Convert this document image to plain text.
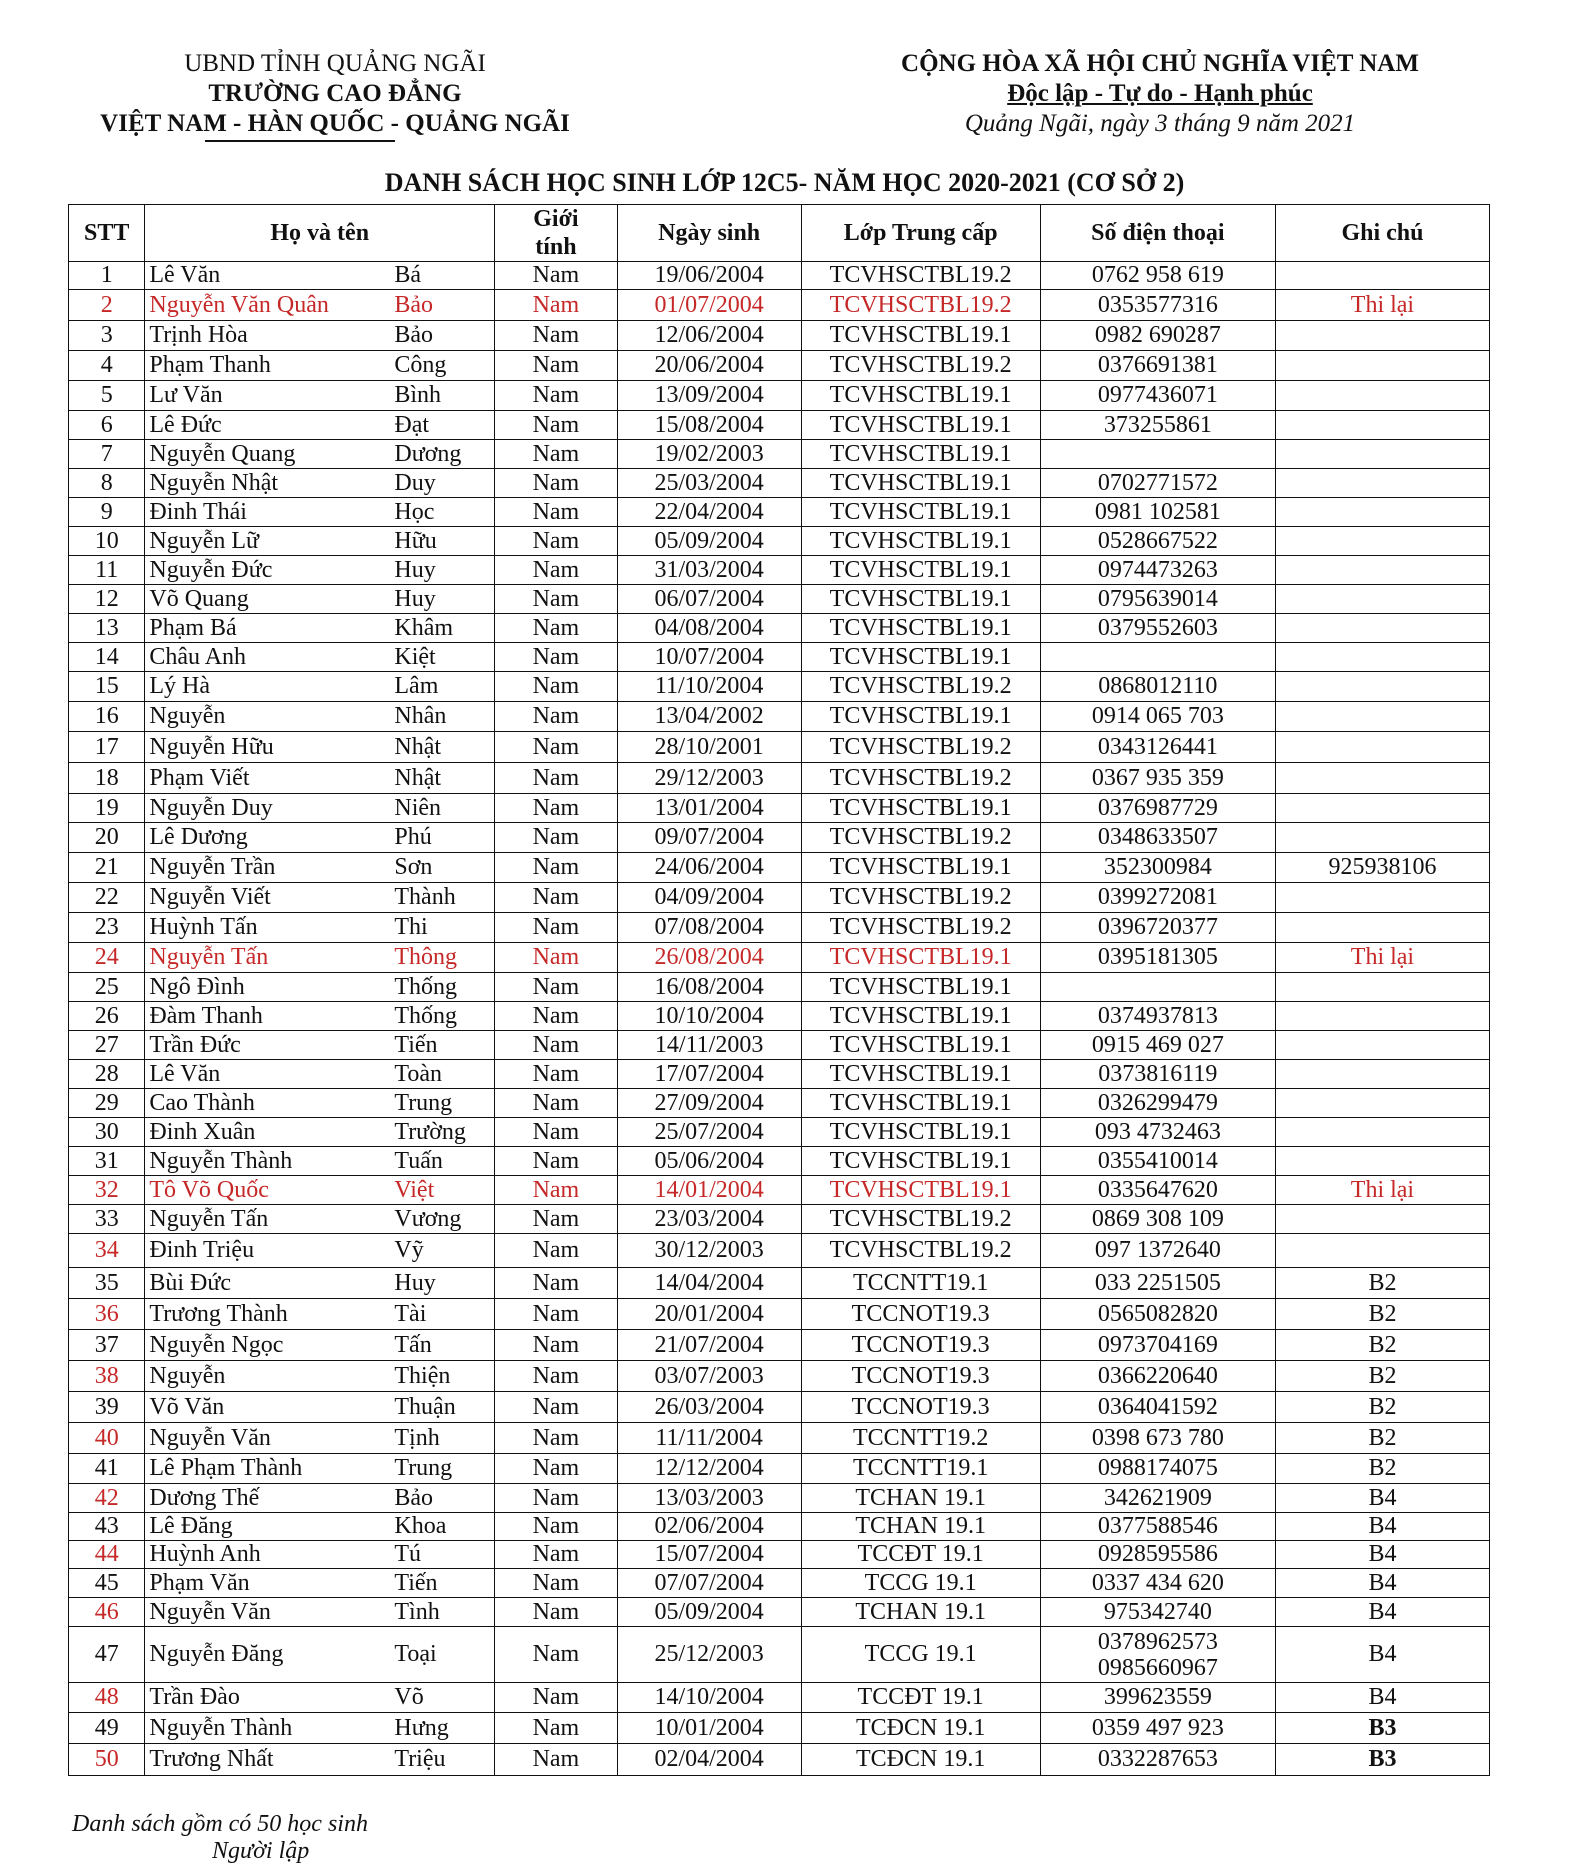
UBND TỈNH QUẢNG NGÃI
TRƯỜNG CAO ĐẲNG
VIỆT NAM - HÀN QUỐC - QUẢNG NGÃI
CỘNG HÒA XÃ HỘI CHỦ NGHĨA VIỆT NAM
Độc lập - Tự do - Hạnh phúc
Quảng Ngãi, ngày 3 tháng 9 năm 2021
DANH SÁCH HỌC SINH LỚP 12C5- NĂM HỌC 2020-2021 (CƠ SỞ 2)
STT	Họ và tên	Giới tính	Ngày sinh	Lớp Trung cấp	Số điện thoại	Ghi chú
1	Lê Văn Bá	Nam	19/06/2004	TCVHSCTBL19.2	0762 958 619	
2	Nguyễn Văn Quân Bảo	Nam	01/07/2004	TCVHSCTBL19.2	0353577316	Thi lại
3	Trịnh Hòa Bảo	Nam	12/06/2004	TCVHSCTBL19.1	0982 690287	
4	Phạm Thanh Công	Nam	20/06/2004	TCVHSCTBL19.2	0376691381	
5	Lư Văn Bình	Nam	13/09/2004	TCVHSCTBL19.1	0977436071	
6	Lê Đức Đạt	Nam	15/08/2004	TCVHSCTBL19.1	373255861	
7	Nguyễn Quang Dương	Nam	19/02/2003	TCVHSCTBL19.1		
8	Nguyễn Nhật Duy	Nam	25/03/2004	TCVHSCTBL19.1	0702771572	
9	Đinh Thái Học	Nam	22/04/2004	TCVHSCTBL19.1	0981 102581	
10	Nguyễn Lữ Hữu	Nam	05/09/2004	TCVHSCTBL19.1	0528667522	
11	Nguyễn Đức Huy	Nam	31/03/2004	TCVHSCTBL19.1	0974473263	
12	Võ Quang Huy	Nam	06/07/2004	TCVHSCTBL19.1	0795639014	
13	Phạm Bá Khâm	Nam	04/08/2004	TCVHSCTBL19.1	0379552603	
14	Châu Anh Kiệt	Nam	10/07/2004	TCVHSCTBL19.1		
15	Lý Hà Lâm	Nam	11/10/2004	TCVHSCTBL19.2	0868012110	
16	Nguyễn Nhân	Nam	13/04/2002	TCVHSCTBL19.1	0914 065 703	
17	Nguyễn Hữu Nhật	Nam	28/10/2001	TCVHSCTBL19.2	0343126441	
18	Phạm Viết Nhật	Nam	29/12/2003	TCVHSCTBL19.2	0367 935 359	
19	Nguyễn Duy Niên	Nam	13/01/2004	TCVHSCTBL19.1	0376987729	
20	Lê Dương Phú	Nam	09/07/2004	TCVHSCTBL19.2	0348633507	
21	Nguyễn Trần Sơn	Nam	24/06/2004	TCVHSCTBL19.1	352300984	925938106
22	Nguyễn Viết Thành	Nam	04/09/2004	TCVHSCTBL19.2	0399272081	
23	Huỳnh Tấn Thi	Nam	07/08/2004	TCVHSCTBL19.2	0396720377	
24	Nguyễn Tấn Thông	Nam	26/08/2004	TCVHSCTBL19.1	0395181305	Thi lại
25	Ngô Đình Thống	Nam	16/08/2004	TCVHSCTBL19.1		
26	Đàm Thanh Thống	Nam	10/10/2004	TCVHSCTBL19.1	0374937813	
27	Trần Đức Tiến	Nam	14/11/2003	TCVHSCTBL19.1	0915 469 027	
28	Lê Văn Toàn	Nam	17/07/2004	TCVHSCTBL19.1	0373816119	
29	Cao Thành Trung	Nam	27/09/2004	TCVHSCTBL19.1	0326299479	
30	Đinh Xuân Trường	Nam	25/07/2004	TCVHSCTBL19.1	093 4732463	
31	Nguyễn Thành Tuấn	Nam	05/06/2004	TCVHSCTBL19.1	0355410014	
32	Tô Võ Quốc Việt	Nam	14/01/2004	TCVHSCTBL19.1	0335647620	Thi lại
33	Nguyễn Tấn Vương	Nam	23/03/2004	TCVHSCTBL19.2	0869 308 109	
34	Đinh Triệu Vỹ	Nam	30/12/2003	TCVHSCTBL19.2	097 1372640	
35	Bùi Đức Huy	Nam	14/04/2004	TCCNTT19.1	033 2251505	B2
36	Trương Thành Tài	Nam	20/01/2004	TCCNOT19.3	0565082820	B2
37	Nguyễn Ngọc Tấn	Nam	21/07/2004	TCCNOT19.3	0973704169	B2
38	Nguyễn Thiện	Nam	03/07/2003	TCCNOT19.3	0366220640	B2
39	Võ Văn Thuận	Nam	26/03/2004	TCCNOT19.3	0364041592	B2
40	Nguyễn Văn Tịnh	Nam	11/11/2004	TCCNTT19.2	0398 673 780	B2
41	Lê Phạm Thành Trung	Nam	12/12/2004	TCCNTT19.1	0988174075	B2
42	Dương Thế Bảo	Nam	13/03/2003	TCHAN 19.1	342621909	B4
43	Lê Đăng Khoa	Nam	02/06/2004	TCHAN 19.1	0377588546	B4
44	Huỳnh Anh Tú	Nam	15/07/2004	TCCĐT 19.1	0928595586	B4
45	Phạm Văn Tiến	Nam	07/07/2004	TCCG 19.1	0337 434 620	B4
46	Nguyễn Văn Tình	Nam	05/09/2004	TCHAN 19.1	975342740	B4
47	Nguyễn Đăng Toại	Nam	25/12/2003	TCCG 19.1	0378962573 0985660967	B4
48	Trần Đào Võ	Nam	14/10/2004	TCCĐT 19.1	399623559	B4
49	Nguyễn Thành Hưng	Nam	10/01/2004	TCĐCN 19.1	0359 497 923	B3
50	Trương Nhất Triệu	Nam	02/04/2004	TCĐCN 19.1	0332287653	B3
Danh sách gồm có 50 học sinh
Người lập
